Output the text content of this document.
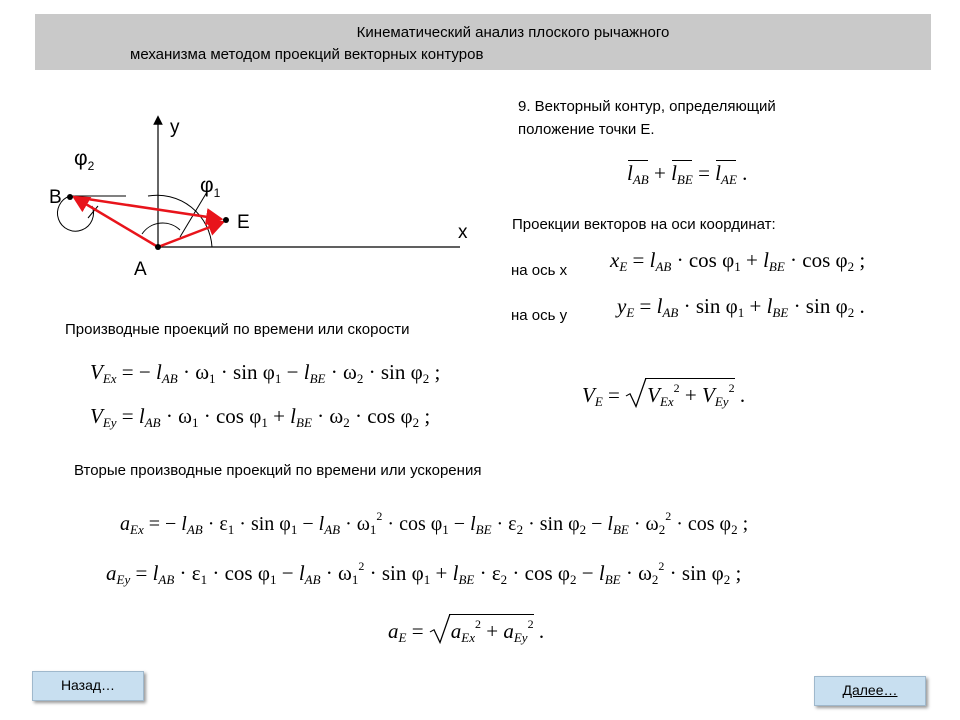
Кинематический анализ плоского рычажного
механизма методом проекций векторных контуров
y
x
A
B
E
$\varphi_1$
$\varphi_2$
9. Векторный контур, определяющий
положение точки E.
$l_{AB} + l_{BE} = l_{AE}$ .
Проекции векторов на оси координат:
на ось x
на ось y
$x_E = l_{AB} \cdot \cos \varphi_1 + l_{BE} \cdot \cos \varphi_2$ ;
$y_E = l_{AB} \cdot \sin \varphi_1 + l_{BE} \cdot \sin \varphi_2$ .
Производные проекций по времени или скорости
$V_{Ex}$ = − $l_{AB} \cdot \omega_1 \cdot \sin \varphi_1 - l_{BE} \cdot \omega_2 \cdot \sin \varphi_2$ ;
$V_{Ey} = l_{AB} \cdot \omega_1 \cdot \cos \varphi_1 + l_{BE} \cdot \omega_2 \cdot \cos \varphi_2$ ;
$V_E$ =
$V_{Ex}^2 + V_{Ey}^2$ .
Вторые производные проекций по времени или ускорения
$a_{Ex}$ = − $l_{AB} \cdot \varepsilon_1 \cdot \sin \varphi_1 - l_{AB} \cdot \omega_1^2 \cdot \cos \varphi_1 - l_{BE} \cdot \varepsilon_2 \cdot \sin \varphi_2 - l_{BE} \cdot \omega_2^2 \cdot \cos \varphi_2$ ;
$a_{Ey} = l_{AB} \cdot \varepsilon_1 \cdot \cos \varphi_1 - l_{AB} \cdot \omega_1^2 \cdot \sin \varphi_1 + l_{BE} \cdot \varepsilon_2 \cdot \cos \varphi_2 - l_{BE} \cdot \omega_2^2 \cdot \sin \varphi_2$ ;
$a_E$ =
$a_{Ex}^2 + a_{Ey}^2$ .
Назад…	Далее…
